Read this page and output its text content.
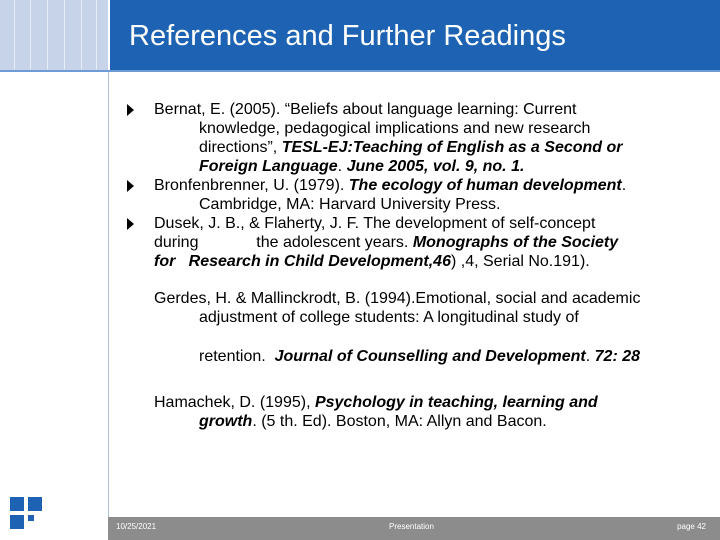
References and Further Readings
Bernat, E. (2005). “Beliefs about language learning: Current
knowledge, pedagogical implications and new research
directions”, TESL-EJ:Teaching of English as a Second or
Foreign Language. June 2005, vol. 9, no. 1.
Bronfenbrenner, U. (1979). The ecology of human development.
Cambridge, MA: Harvard University Press.
Dusek, J. B., & Flaherty, J. F. The development of self-concept
during             the adolescent years. Monographs of the Society
for   Research in Child Development,46) ,4, Serial No.191).
Gerdes, H. & Mallinckrodt, B. (1994).Emotional, social and academic
adjustment of college students: A longitudinal study of
retention.  Journal of Counselling and Development. 72: 28
Hamachek, D. (1995), Psychology in teaching, learning and
growth. (5 th. Ed). Boston, MA: Allyn and Bacon.
10/25/2021	Presentation	page 42
